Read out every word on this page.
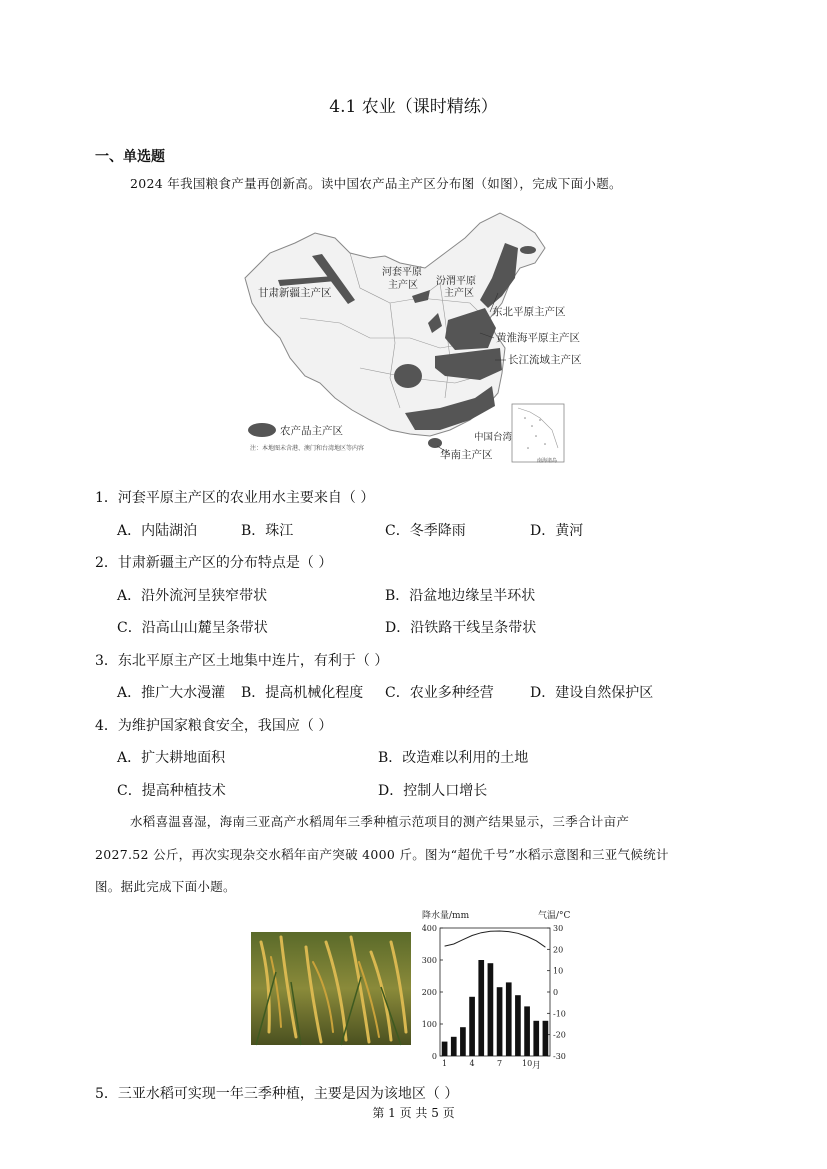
4.1 农业（课时精练）
一、单选题
2024 年我国粮食产量再创新高。读中国农产品主产区分布图（如图），完成下面小题。
甘肃新疆主产区
河套平原
主产区 汾渭平原
主产区
东北平原主产区
黄淮海平原主产区
长江流域主产区
农产品主产区
注：本地图未含港、澳门和台湾地区等内容
中国台湾
华南主产区	南海诸岛
1．河套平原主产区的农业用水主要来自（ ）
A．内陆湖泊	B．珠江	C．冬季降雨	D．黄河
2．甘肃新疆主产区的分布特点是（ ）
A．沿外流河呈狭窄带状	B．沿盆地边缘呈半环状
C．沿高山山麓呈条带状	D．沿铁路干线呈条带状
3．东北平原主产区土地集中连片，有利于（ ）
A．推广大水漫灌 B．提高机械化程度 C．农业多种经营	D．建设自然保护区
4．为维护国家粮食安全，我国应（ ）
A．扩大耕地面积	B．改造难以利用的土地
C．提高种植技术	D．控制人口增长
水稻喜温喜湿，海南三亚高产水稻周年三季种植示范项目的测产结果显示，三季合计亩产
2027.52 公斤，再次实现杂交水稻年亩产突破 4000 斤。图为“超优千号”水稻示意图和三亚气候统计
图。据此完成下面小题。
降水量/mm	气温/°C
0
100
200
300
400	30
20
10
0
-10
-20
-30
1	4	7 10 月
5．三亚水稻可实现一年三季种植，主要是因为该地区（ ）
第 1 页 共 5 页
